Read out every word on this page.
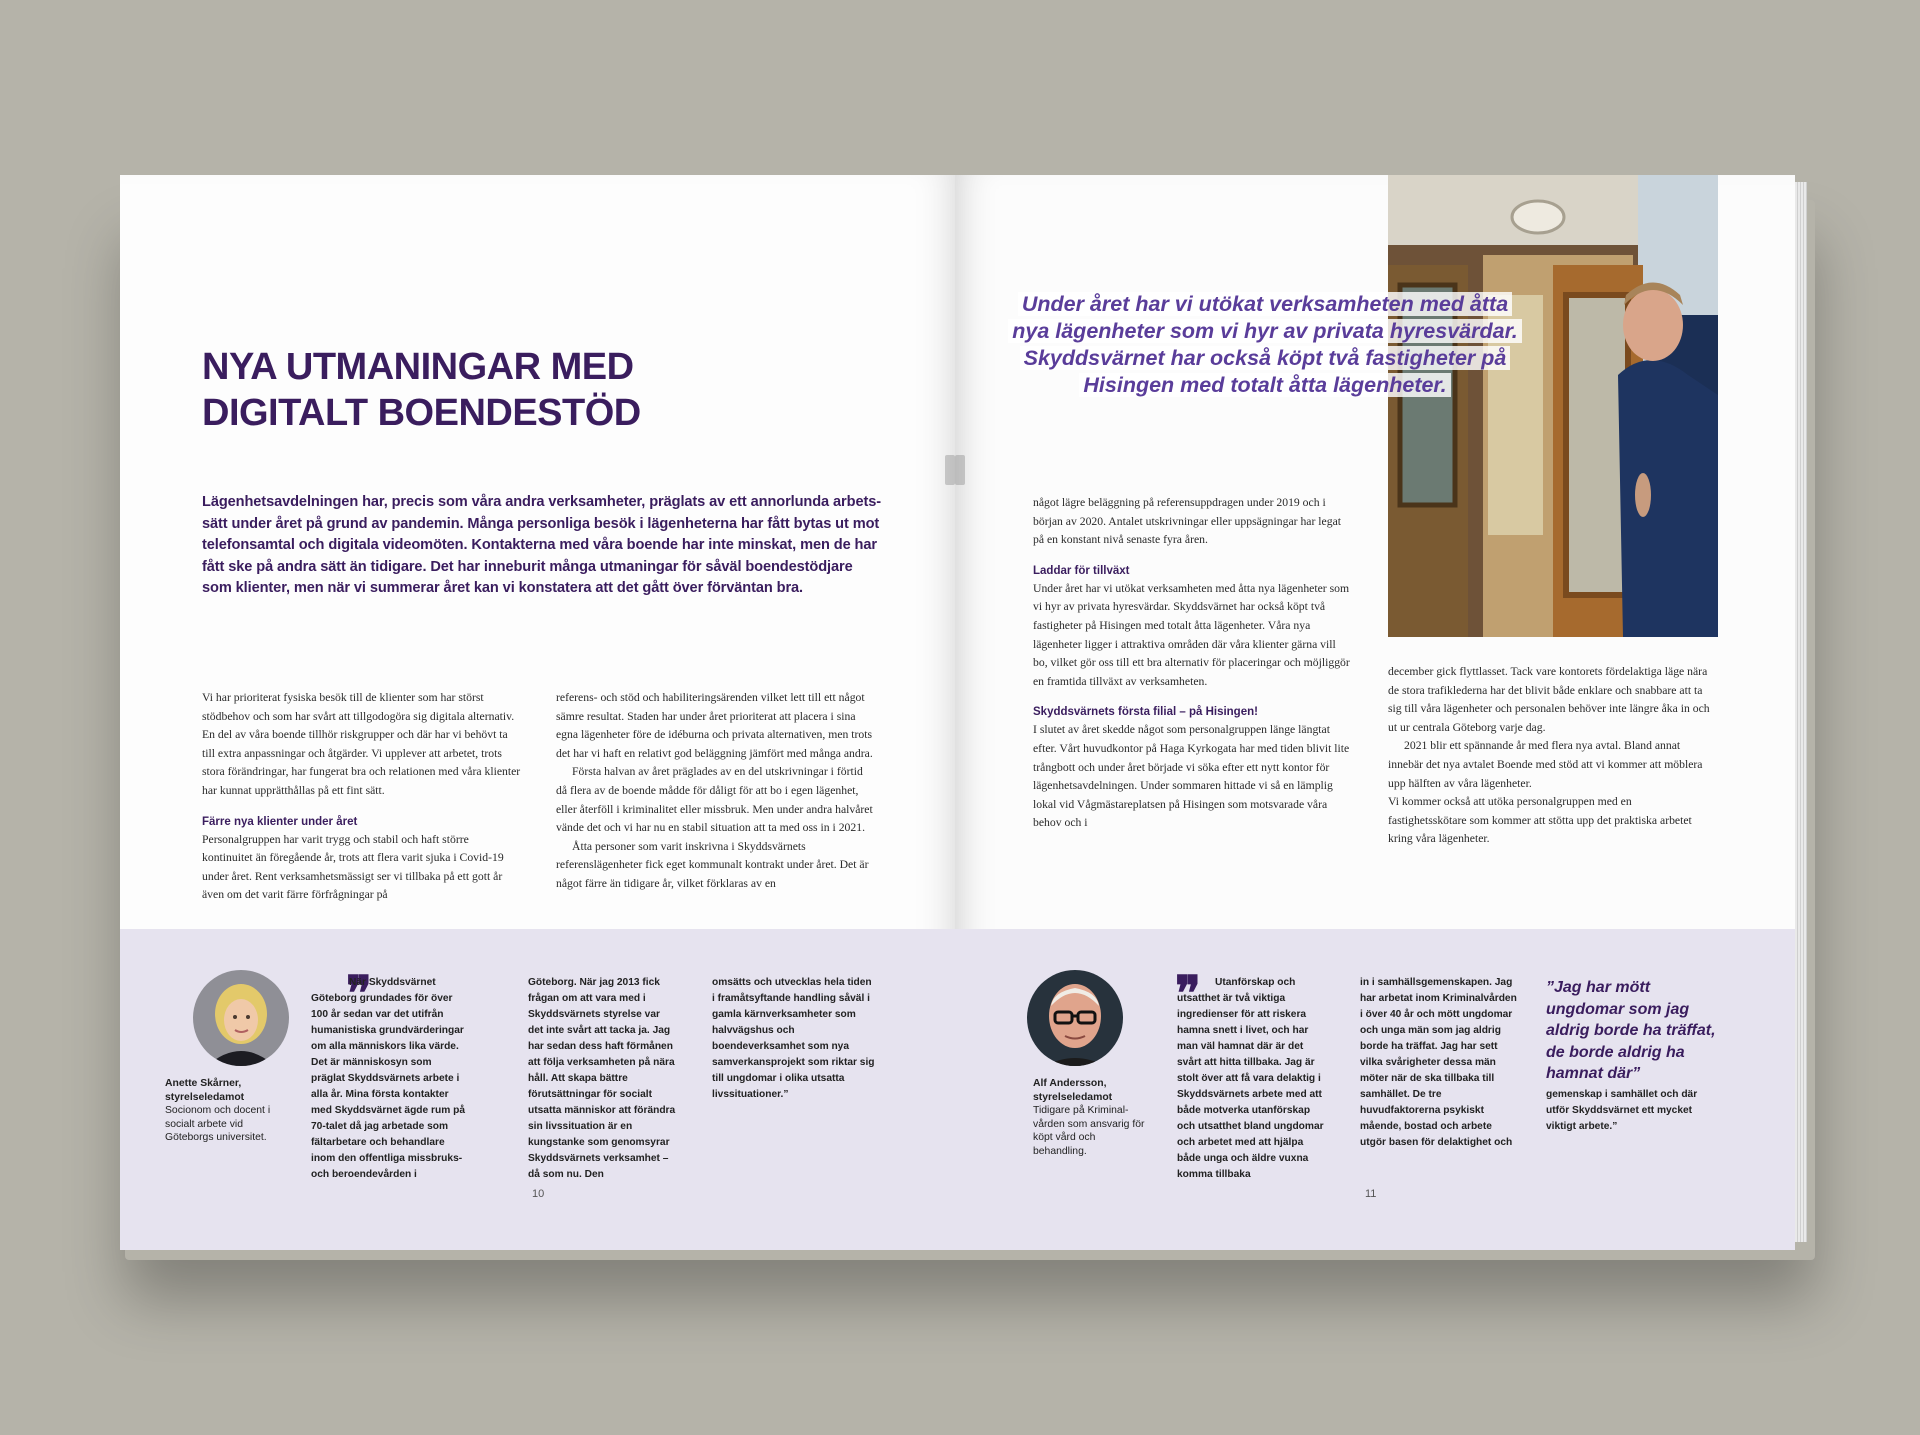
NYA UTMANINGAR MED
DIGITALT BOENDESTÖD

Lägenhetsavdelningen har, precis som våra andra verksamheter, präglats av ett annorlunda arbetssätt under året på grund av pandemin. Många personliga besök i lägenheterna har fått bytas ut mot telefonsamtal och digitala videomöten. Kontakterna med våra boende har inte minskat, men de har fått ske på andra sätt än tidigare. Det har inneburit många utmaningar för såväl boendestödjare som klienter, men när vi summerar året kan vi konstatera att det gått över förväntan bra.

Vi har prioriterat fysiska besök till de klienter som har störst stödbehov och som har svårt att tillgodogöra sig digitala alternativ. En del av våra boende tillhör riskgrupper och där har vi behövt ta till extra anpassningar och åtgärder. Vi upplever att arbetet, trots stora förändringar, har fungerat bra och relationen med våra klienter har kunnat upprätthållas på ett fint sätt.

Färre nya klienter under året

Personalgruppen har varit trygg och stabil och haft större kontinuitet än föregående år, trots att flera varit sjuka i Covid-19 under året. Rent verksamhetsmässigt ser vi tillbaka på ett gott år även om det varit färre förfrågningar på

referens- och stöd och habiliteringsärenden vilket lett till ett något sämre resultat. Staden har under året prioriterat att placera i sina egna lägenheter före de idéburna och privata alternativen, men trots det har vi haft en relativt god beläggning jämfört med många andra.

Första halvan av året präglades av en del utskrivningar i förtid då flera av de boende mådde för dåligt för att bo i egen lägenhet, eller återföll i kriminalitet eller missbruk. Men under andra halvåret vände det och vi har nu en stabil situation att ta med oss in i 2021.

Åtta personer som varit inskrivna i Skyddsvärnets referenslägenheter fick eget kommunalt kontrakt under året. Det är något färre än tidigare år, vilket förklaras av en

Anette Skårner,
styrelseledamot
Socionom och docent i socialt arbete vid Göteborgs universitet.

❞

När Skyddsvärnet Göteborg grundades för över 100 år sedan var det utifrån humanistiska grundvärderingar om alla människors lika värde. Det är människosyn som präglat Skyddsvärnets arbete i alla år. Mina första kontakter med Skyddsvärnet ägde rum på 70-talet då jag arbetade som fältarbetare och behandlare inom den offentliga missbruks- och beroendevården i

Göteborg. När jag 2013 fick frågan om att vara med i Skyddsvärnets styrelse var det inte svårt att tacka ja. Jag har sedan dess haft förmånen att följa verksamheten på nära håll. Att skapa bättre förutsättningar för socialt utsatta människor att förändra sin livssituation är en kungstanke som genomsyrar Skyddsvärnets verksamhet – då som nu. Den

omsätts och utvecklas hela tiden i framåtsyftande handling såväl i gamla kärnverksamheter som halvvägshus och boendeverksamhet som nya samverkansprojekt som riktar sig till ungdomar i olika utsatta livssituationer.”

10

Under året har vi utökat verksamheten med åtta
nya lägenheter som vi hyr av privata hyresvärdar.
Skyddsvärnet har också köpt två fastigheter på
Hisingen med totalt åtta lägenheter.

något lägre beläggning på referensuppdragen under 2019 och i början av 2020. Antalet utskrivningar eller uppsägningar har legat på en konstant nivå senaste fyra åren.

Laddar för tillväxt

Under året har vi utökat verksamheten med åtta nya lägenheter som vi hyr av privata hyresvärdar. Skyddsvärnet har också köpt två fastigheter på Hisingen med totalt åtta lägenheter. Våra nya lägenheter ligger i attraktiva områden där våra klienter gärna vill bo, vilket gör oss till ett bra alternativ för placeringar och möjliggör en framtida tillväxt av verksamheten.

Skyddsvärnets första filial – på Hisingen!

I slutet av året skedde något som personalgruppen länge längtat efter. Vårt huvudkontor på Haga Kyrkogata har med tiden blivit lite trångbott och under året började vi söka efter ett nytt kontor för lägenhetsavdelningen. Under sommaren hittade vi så en lämplig lokal vid Vågmästareplatsen på Hisingen som motsvarade våra behov och i

december gick flyttlasset. Tack vare kontorets fördelaktiga läge nära de stora trafiklederna har det blivit både enklare och snabbare att ta sig till våra lägenheter och personalen behöver inte längre åka in och ut ur centrala Göteborg varje dag.

2021 blir ett spännande år med flera nya avtal. Bland annat innebär det nya avtalet Boende med stöd att vi kommer att möblera upp hälften av våra lägenheter.

Vi kommer också att utöka personalgruppen med en fastighetsskötare som kommer att stötta upp det praktiska arbetet kring våra lägenheter.

Alf Andersson,
styrelseledamot
Tidigare på Kriminalvården som ansvarig för köpt vård och behandling.

❞	Utanförskap och utsatthet är två viktiga ingredienser för att riskera hamna snett i livet, och har man väl hamnat där är det svårt att hitta tillbaka. Jag är stolt över att få vara delaktig i Skyddsvärnets arbete med att både motverka utanförskap och utsatthet bland ungdomar och arbetet med att hjälpa både unga och äldre vuxna komma tillbaka

in i samhällsgemenskapen. Jag har arbetat inom Kriminalvården i över 40 år och mött ungdomar och unga män som jag aldrig borde ha träffat. Jag har sett vilka svårigheter dessa män möter när de ska tillbaka till samhället. De tre huvudfaktorerna psykiskt mående, bostad och arbete utgör basen för delaktighet och

”Jag har mött ungdomar som jag aldrig borde ha träffat, de borde aldrig ha hamnat där”

gemenskap i samhället och där utför Skyddsvärnet ett mycket viktigt arbete.”

11
